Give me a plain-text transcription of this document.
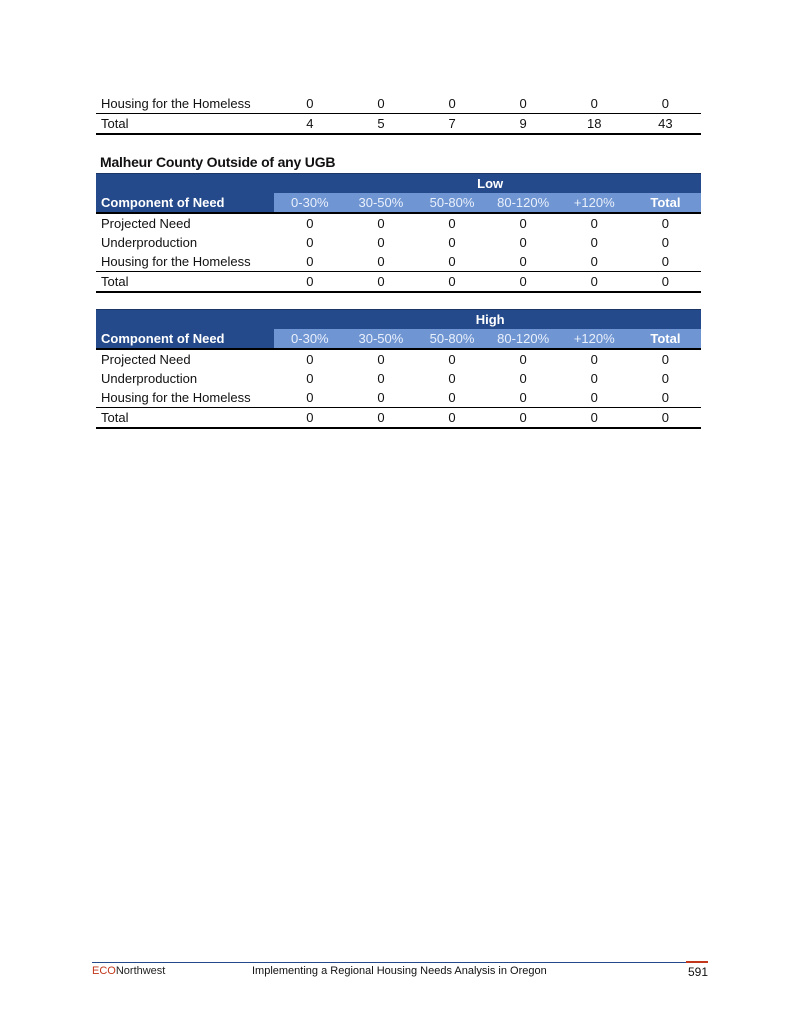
Housing for the Homeless	0	0	0	0	0	0
Total	4	5	7	9	18	43
Malheur County Outside of any UGB
	Low					
Component of Need	0-30%	30-50%	50-80%	80-120%	+120%	Total
Projected Need	0	0	0	0	0	0
Underproduction	0	0	0	0	0	0
Housing for the Homeless	0	0	0	0	0	0
Total	0	0	0	0	0	0
	High					
Component of Need	0-30%	30-50%	50-80%	80-120%	+120%	Total
Projected Need	0	0	0	0	0	0
Underproduction	0	0	0	0	0	0
Housing for the Homeless	0	0	0	0	0	0
Total	0	0	0	0	0	0
ECONorthwest	Implementing a Regional Housing Needs Analysis in Oregon	591
